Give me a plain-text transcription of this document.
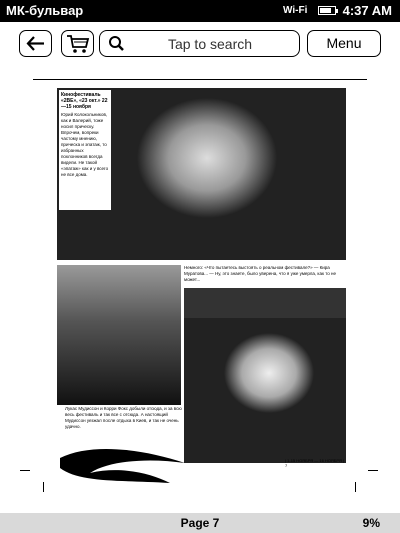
МК-бульвар	Wi-Fi	4:37 AM
Tap to search	Menu
Кинофестиваль «2ВЕ», «23 окт.» 22—15 ноября
Юрий Колокольников, как и Валерий, тоже носил прическу. Впрочем, вопреки частому мнению, прическа и эпатаж, то избранных поклонников всегда видели. Не такой «эпатаж» как и у всего не все дома.
Немного: «Что пытаетесь выстоять о реальном фестивале?» — Кира Муратова... — Ну, это знаете, было уверена, что я уже умерла, как то не может...
Лукас Мудиссон и Корри Фокс добыли отсюда, и за всю весь фестиваль и так все с отсюда. А настоящий Мудиссон уезжал после отдыха в Киев, и так не очень удачно.
| 1-15 НОЯБРЯ — 16 НОЯБРЯ | 7
Page 7	9%
